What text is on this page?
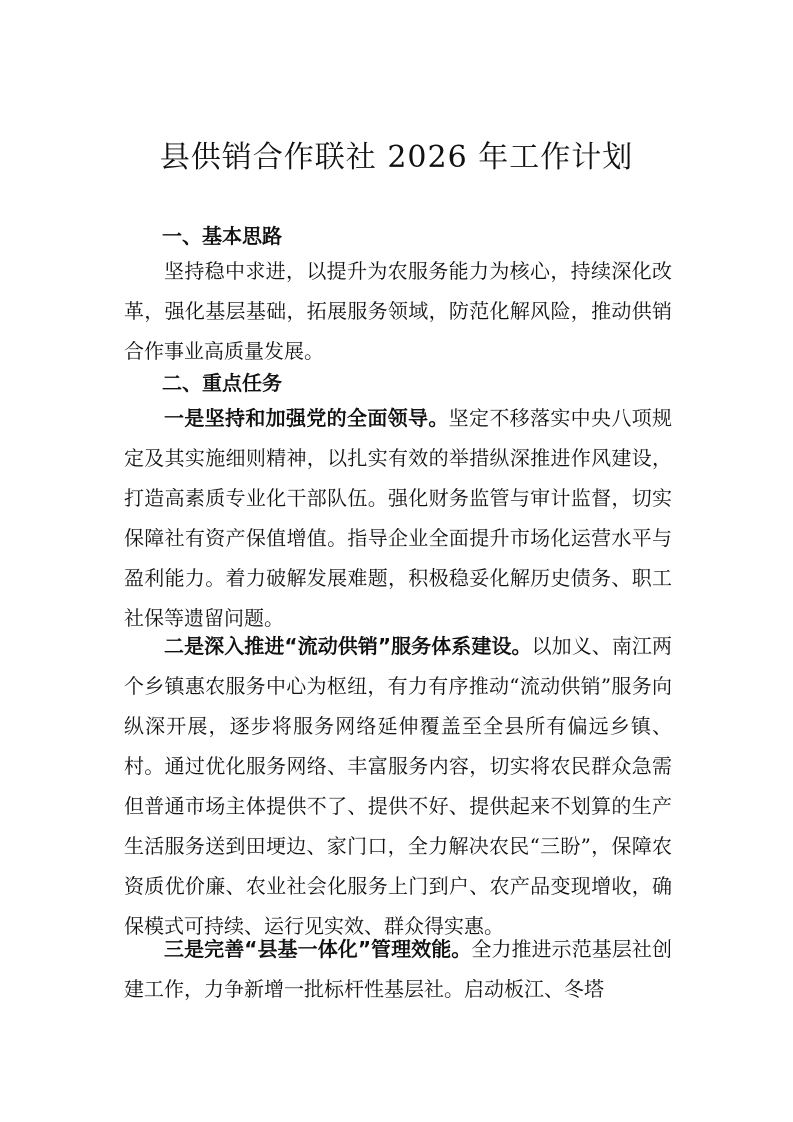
县供销合作联社 2026 年工作计划
一、基本思路

坚持稳中求进，以提升为农服务能力为核心，持续深化改革，强化基层基础，拓展服务领域，防范化解风险，推动供销合作事业高质量发展。

二、重点任务

一是坚持和加强党的全面领导。坚定不移落实中央八项规定及其实施细则精神，以扎实有效的举措纵深推进作风建设，打造高素质专业化干部队伍。强化财务监管与审计监督，切实保障社有资产保值增值。指导企业全面提升市场化运营水平与盈利能力。着力破解发展难题，积极稳妥化解历史债务、职工社保等遗留问题。

二是深入推进“流动供销”服务体系建设。以加义、南江两个乡镇惠农服务中心为枢纽，有力有序推动“流动供销”服务向纵深开展，逐步将服务网络延伸覆盖至全县所有偏远乡镇、村。通过优化服务网络、丰富服务内容，切实将农民群众急需但普通市场主体提供不了、提供不好、提供起来不划算的生产生活服务送到田埂边、家门口，全力解决农民“三盼”，保障农资质优价廉、农业社会化服务上门到户、农产品变现增收，确保模式可持续、运行见实效、群众得实惠。

三是完善“县基一体化”管理效能。全力推进示范基层社创建工作，力争新增一批标杆性基层社。启动板江、冬塔
